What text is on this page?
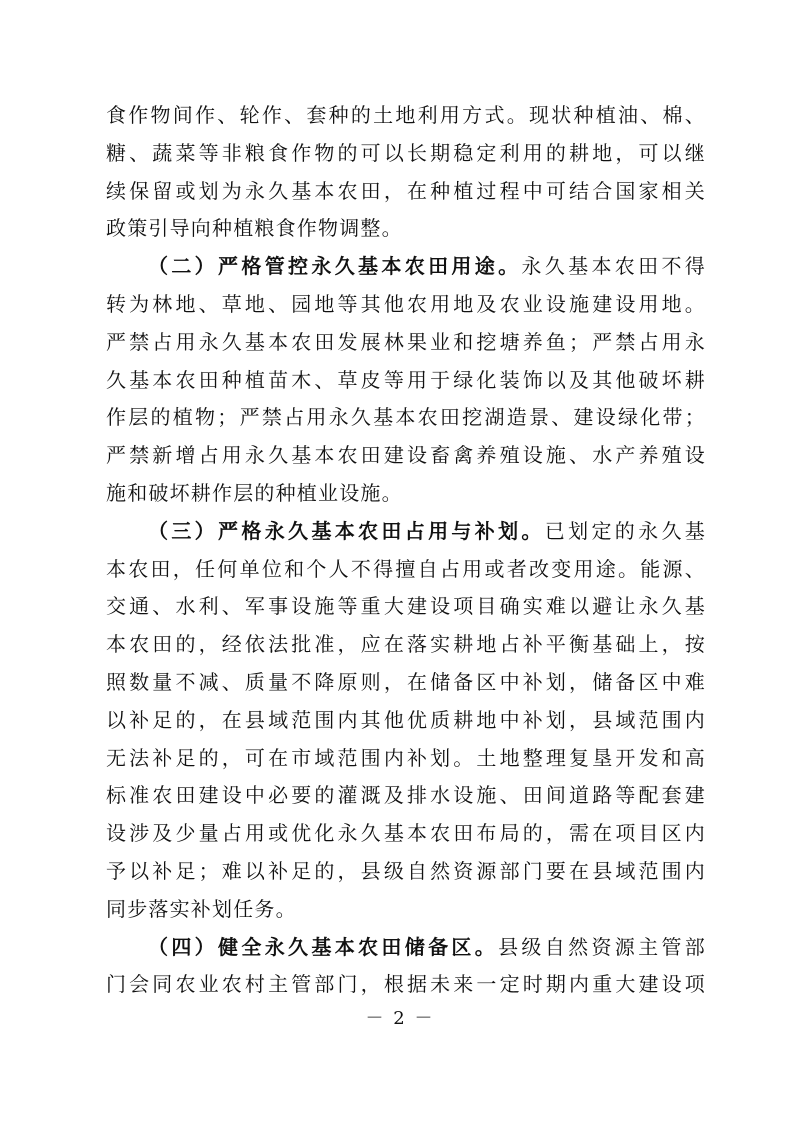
食作物间作、轮作、套种的土地利用方式。现状种植油、棉、
糖、蔬菜等非粮食作物的可以长期稳定利用的耕地，可以继
续保留或划为永久基本农田，在种植过程中可结合国家相关
政策引导向种植粮食作物调整。
（二）严格管控永久基本农田用途。永久基本农田不得
转为林地、草地、园地等其他农用地及农业设施建设用地。
严禁占用永久基本农田发展林果业和挖塘养鱼；严禁占用永
久基本农田种植苗木、草皮等用于绿化装饰以及其他破坏耕
作层的植物；严禁占用永久基本农田挖湖造景、建设绿化带；
严禁新增占用永久基本农田建设畜禽养殖设施、水产养殖设
施和破坏耕作层的种植业设施。
（三）严格永久基本农田占用与补划。已划定的永久基
本农田，任何单位和个人不得擅自占用或者改变用途。能源、
交通、水利、军事设施等重大建设项目确实难以避让永久基
本农田的，经依法批准，应在落实耕地占补平衡基础上，按
照数量不减、质量不降原则，在储备区中补划，储备区中难
以补足的，在县域范围内其他优质耕地中补划，县域范围内
无法补足的，可在市域范围内补划。土地整理复垦开发和高
标准农田建设中必要的灌溉及排水设施、田间道路等配套建
设涉及少量占用或优化永久基本农田布局的，需在项目区内
予以补足；难以补足的，县级自然资源部门要在县域范围内
同步落实补划任务。
（四）健全永久基本农田储备区。县级自然资源主管部
门会同农业农村主管部门，根据未来一定时期内重大建设项
－ 2 －
